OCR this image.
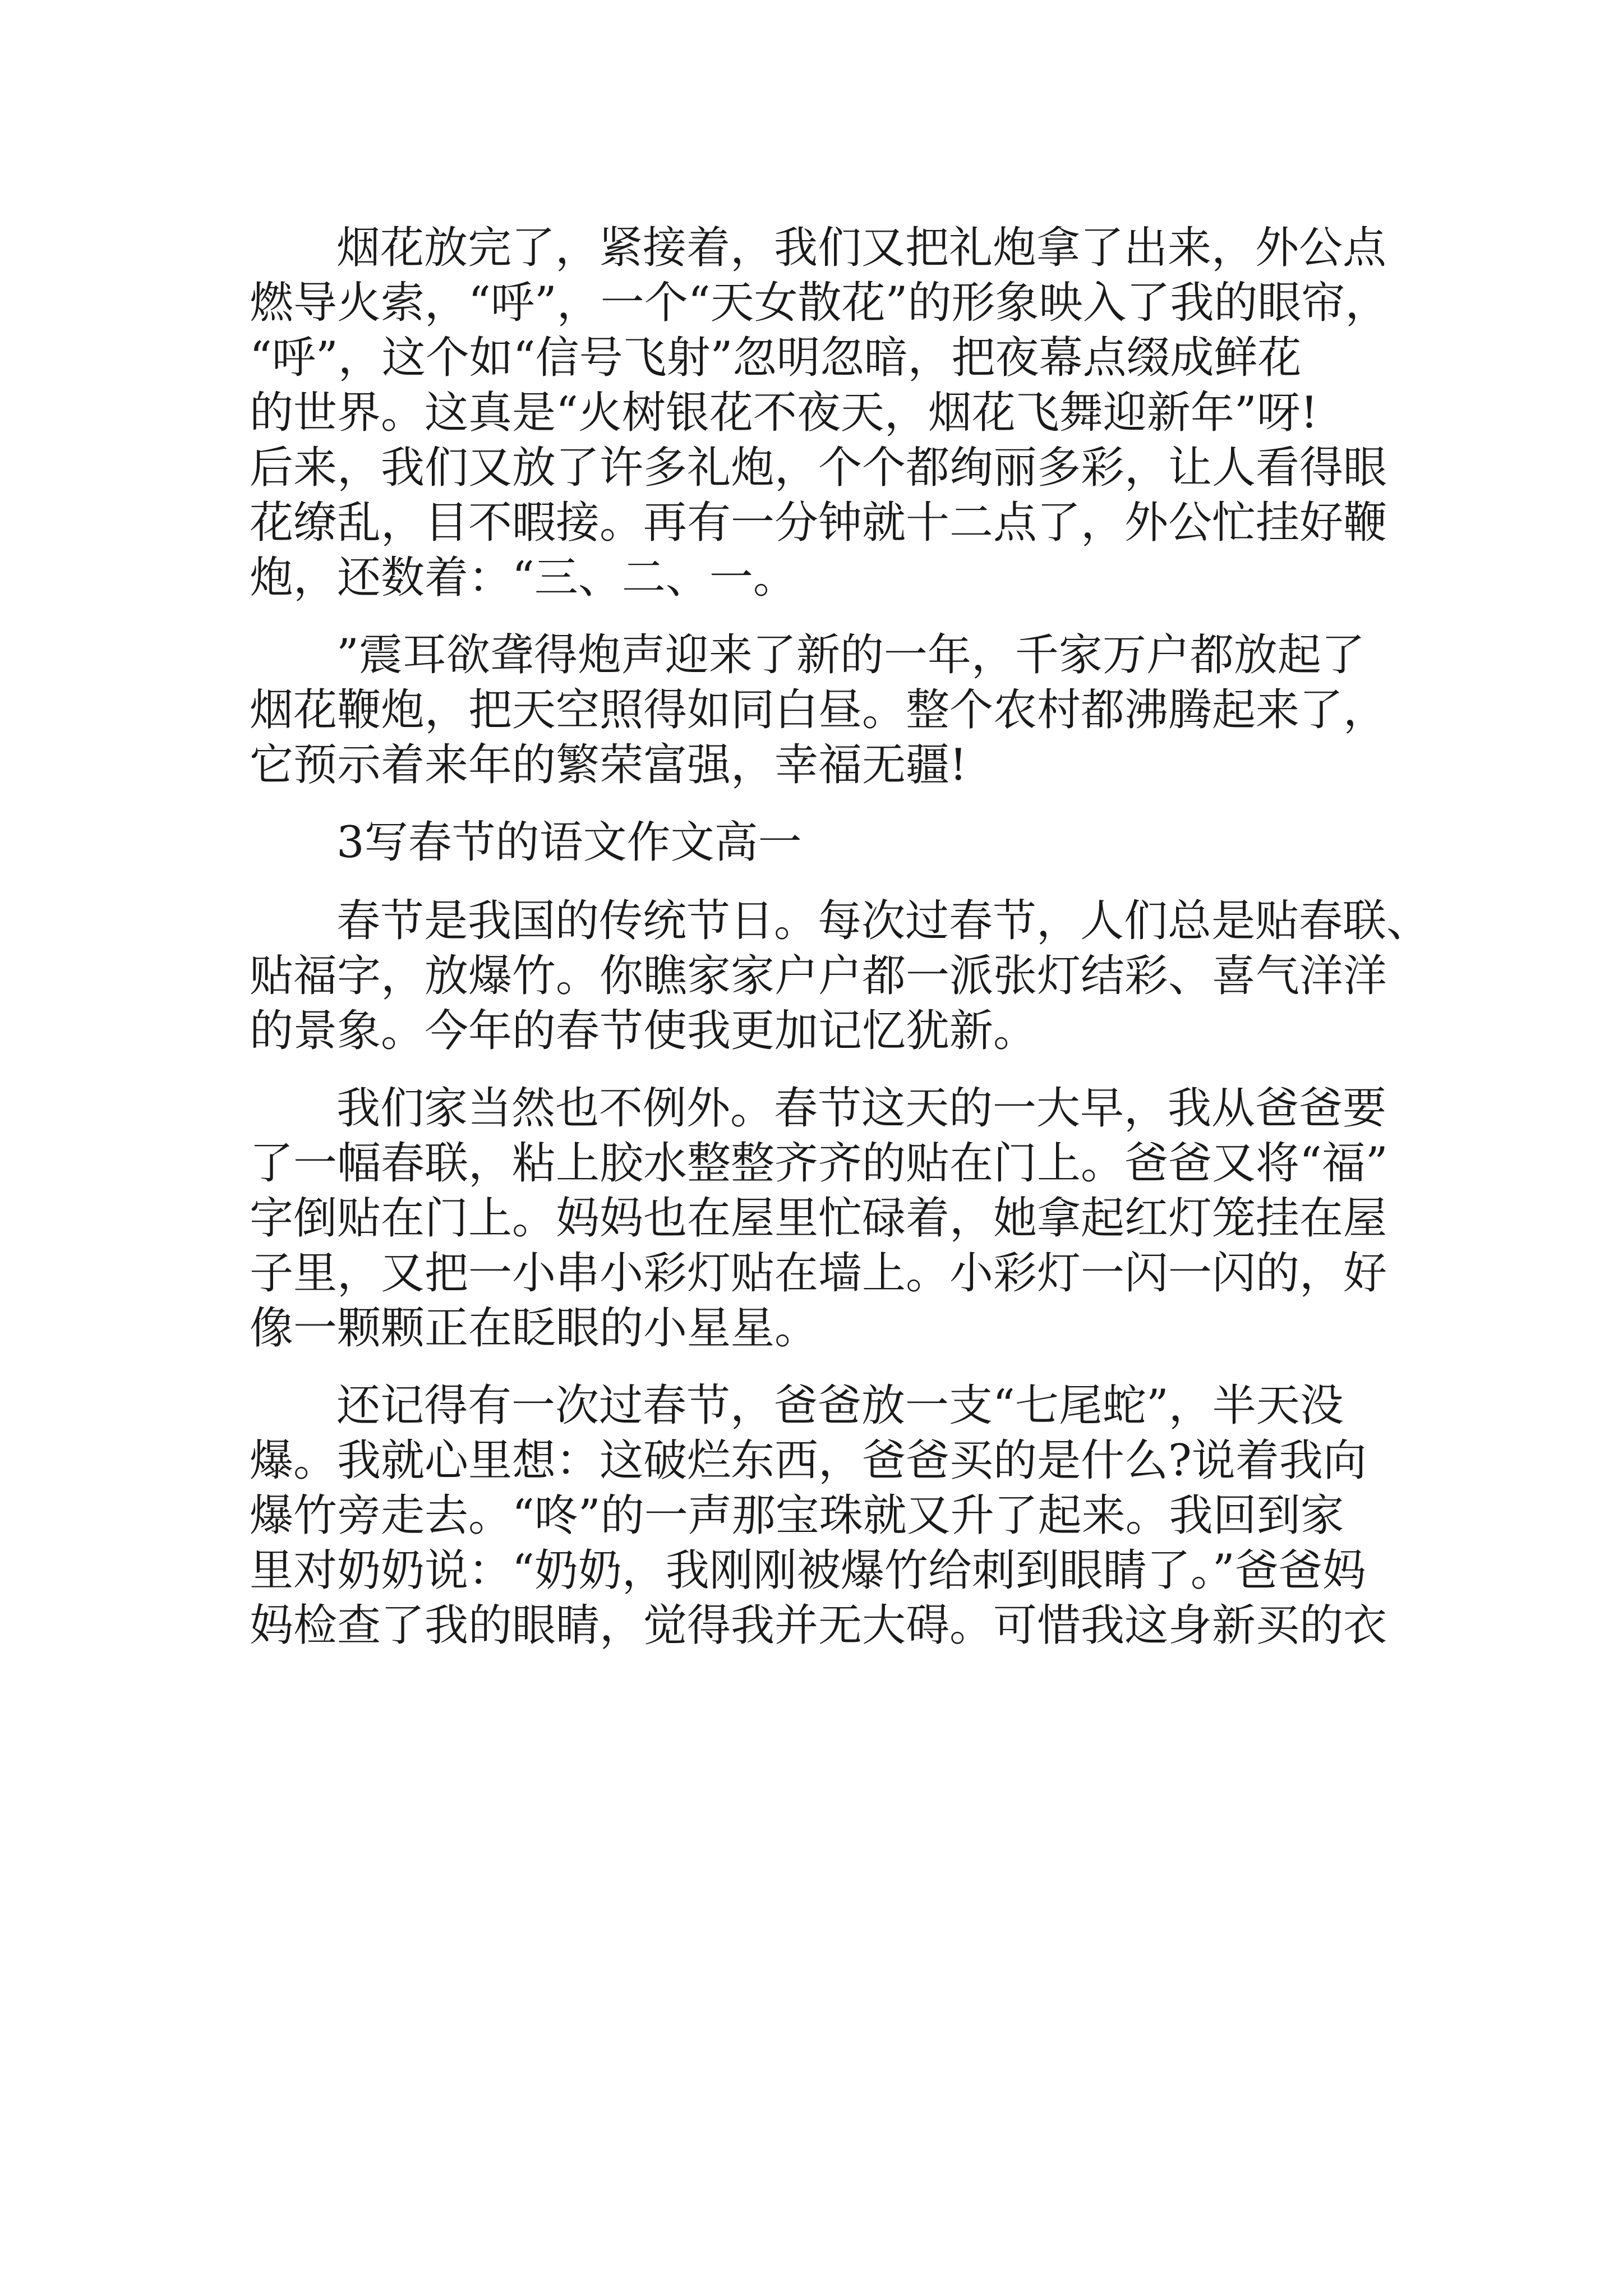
烟花放完了，紧接着，我们又把礼炮拿了出来，外公点
燃导火索，“呼”，一个“天女散花”的形象映入了我的眼帘，
“呼”，这个如“信号飞射”忽明忽暗，把夜幕点缀成鲜花
的世界。这真是“火树银花不夜天，烟花飞舞迎新年”呀!
后来，我们又放了许多礼炮，个个都绚丽多彩，让人看得眼
花缭乱，目不暇接。再有一分钟就十二点了，外公忙挂好鞭
炮，还数着：“三、二、一。
”震耳欲聋得炮声迎来了新的一年，千家万户都放起了
烟花鞭炮，把天空照得如同白昼。整个农村都沸腾起来了，
它预示着来年的繁荣富强，幸福无疆!
3写春节的语文作文高一
春节是我国的传统节日。每次过春节，人们总是贴春联、
贴福字，放爆竹。你瞧家家户户都一派张灯结彩、喜气洋洋
的景象。今年的春节使我更加记忆犹新。
我们家当然也不例外。春节这天的一大早，我从爸爸要
了一幅春联，粘上胶水整整齐齐的贴在门上。爸爸又将“福”
字倒贴在门上。妈妈也在屋里忙碌着，她拿起红灯笼挂在屋
子里，又把一小串小彩灯贴在墙上。小彩灯一闪一闪的，好
像一颗颗正在眨眼的小星星。
还记得有一次过春节，爸爸放一支“七尾蛇”，半天没
爆。我就心里想：这破烂东西，爸爸买的是什么?说着我向
爆竹旁走去。“咚”的一声那宝珠就又升了起来。我回到家
里对奶奶说：“奶奶，我刚刚被爆竹给刺到眼睛了。”爸爸妈
妈检查了我的眼睛，觉得我并无大碍。可惜我这身新买的衣
